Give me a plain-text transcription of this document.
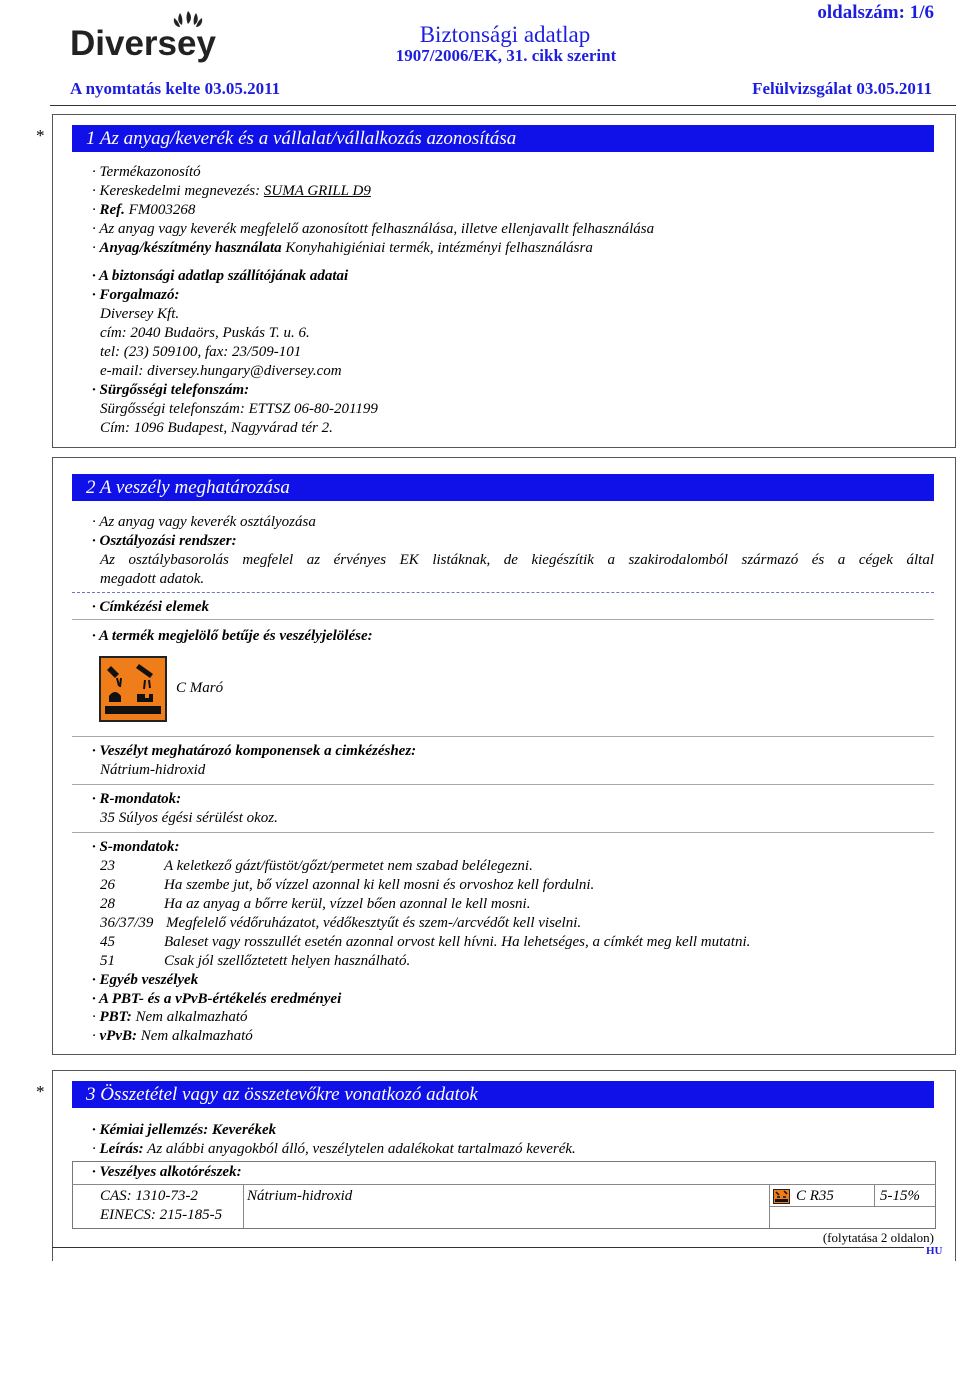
Diversey
oldalszám: 1/6
Biztonsági adatlap
1907/2006/EK, 31. cikk szerint
A nyomtatás kelte 03.05.2011	Felülvizsgálat 03.05.2011
*	1 Az anyag/keverék és a vállalat/vállalkozás azonosítása
· Termékazonosító
· Kereskedelmi megnevezés: SUMA GRILL D9
· Ref. FM003268
· Az anyag vagy keverék megfelelő azonosított felhasználása, illetve ellenjavallt felhasználása
· Anyag/készítmény használata Konyhahigiéniai termék, intézményi felhasználásra
· A biztonsági adatlap szállítójának adatai
· Forgalmazó:
Diversey Kft.
cím: 2040 Budaörs, Puskás T. u. 6.
tel: (23) 509100, fax: 23/509-101
e-mail: diversey.hungary@diversey.com
· Sürgősségi telefonszám:
Sürgősségi telefonszám: ETTSZ 06-80-201199
Cím: 1096 Budapest, Nagyvárad tér 2.
2 A veszély meghatározása
· Az anyag vagy keverék osztályozása
· Osztályozási rendszer:
Az osztálybasorolás megfelel az érvényes EK listáknak, de kiegészítik a szakirodalomból származó és a cégek által
megadott adatok.
· Címkézési elemek
· A termék megjelölő betűje és veszélyjelölése:
C Maró
· Veszélyt meghatározó komponensek a cimkézéshez:
Nátrium-hidroxid
· R-mondatok:
35 Súlyos égési sérülést okoz.
· S-mondatok:
23	A keletkező gázt/füstöt/gőzt/permetet nem szabad belélegezni.
26	Ha szembe jut, bő vízzel azonnal ki kell mosni és orvoshoz kell fordulni.
28	Ha az anyag a bőrre kerül, vízzel bően azonnal le kell mosni.
36/37/39 Megfelelő védőruházatot, védőkesztyűt és szem-/arcvédőt kell viselni.
45	Baleset vagy rosszullét esetén azonnal orvost kell hívni. Ha lehetséges, a címkét meg kell mutatni.
51	Csak jól szellőztetett helyen használható.
· Egyéb veszélyek
· A PBT- és a vPvB-értékelés eredményei
· PBT: Nem alkalmazható
· vPvB: Nem alkalmazható
*	3 Összetétel vagy az összetevőkre vonatkozó adatok
· Kémiai jellemzés: Keverékek
· Leírás: Az alábbi anyagokból álló, veszélytelen adalékokat tartalmazó keverék.
· Veszélyes alkotórészek:
CAS: 1310-73-2
EINECS: 215-185-5
Nátrium-hidroxid	C R35	5-15%
(folytatása 2 oldalon)
HU
